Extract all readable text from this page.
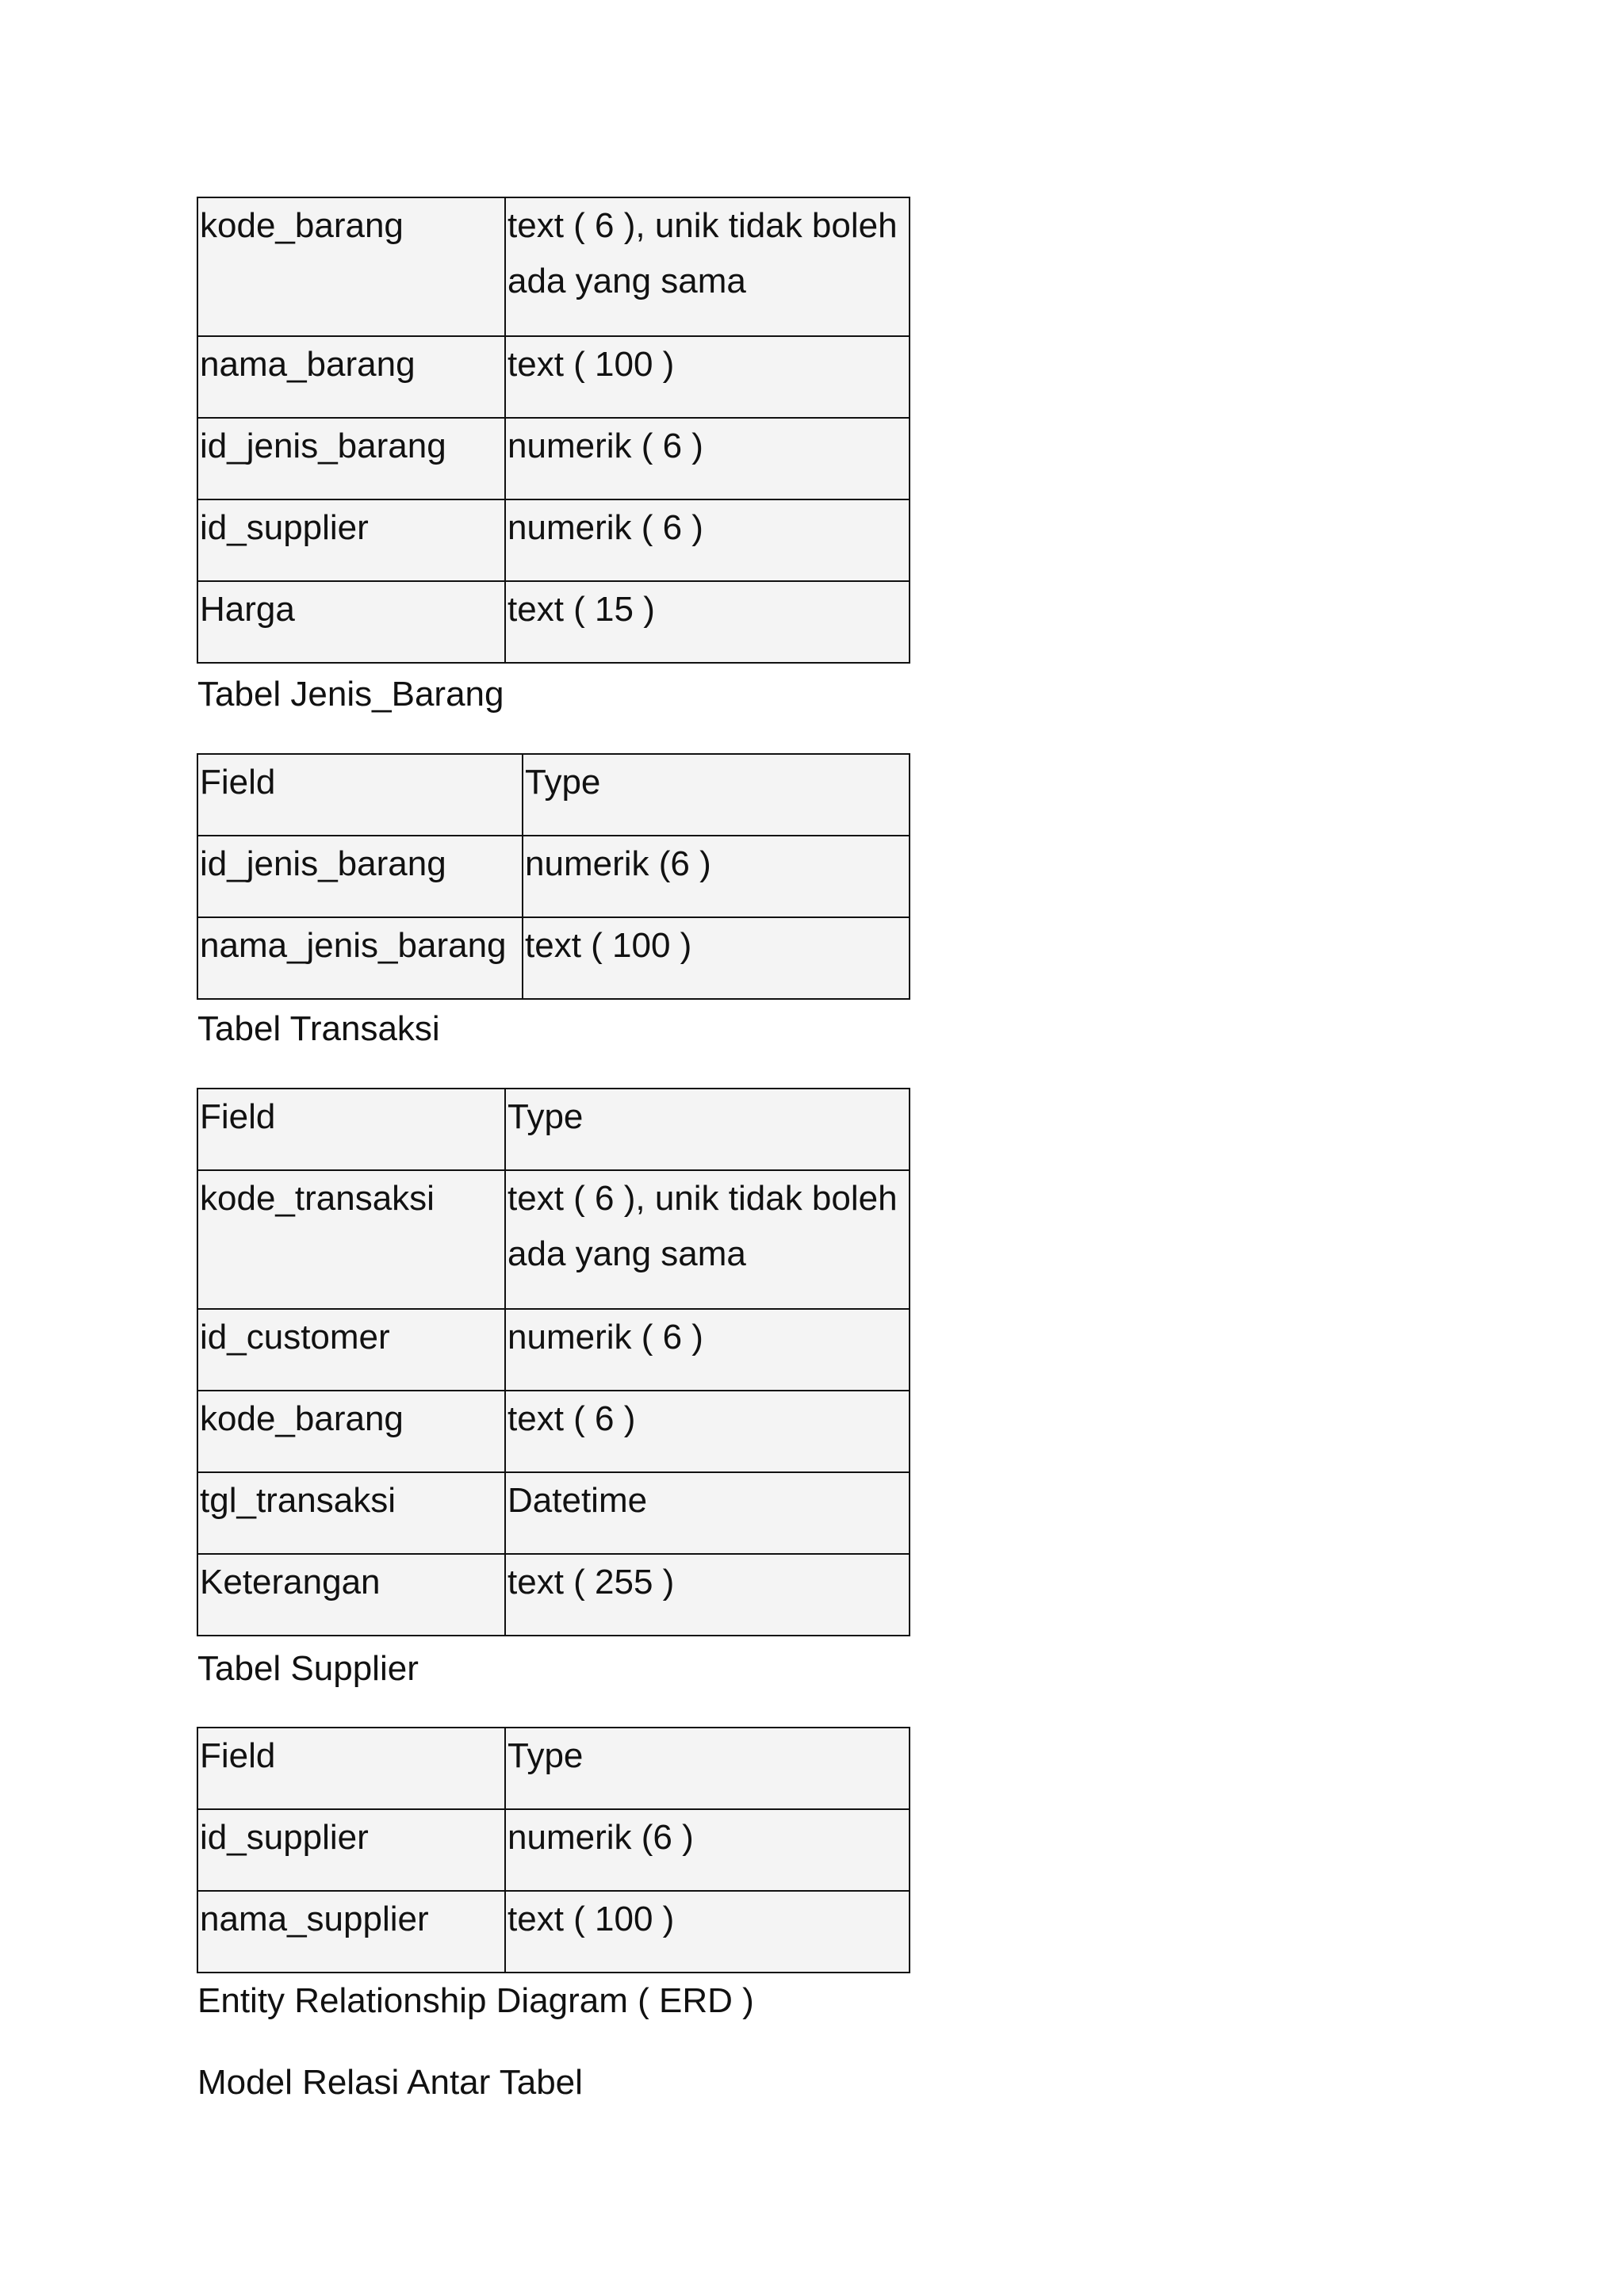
kode_barang	text ( 6 ), unik tidak boleh ada yang sama
nama_barang	text ( 100 )
id_jenis_barang	numerik ( 6 )
id_supplier	numerik ( 6 )
Harga	text ( 15 )
Tabel Jenis_Barang
Field	Type
id_jenis_barang	numerik (6 )
nama_jenis_barang	text ( 100 )
Tabel Transaksi
Field	Type
kode_transaksi	text ( 6 ), unik tidak boleh ada yang sama
id_customer	numerik ( 6 )
kode_barang	text ( 6 )
tgl_transaksi	Datetime
Keterangan	text ( 255 )
Tabel Supplier
Field	Type
id_supplier	numerik (6 )
nama_supplier	text ( 100 )
Entity Relationship Diagram ( ERD )
Model Relasi Antar Tabel
